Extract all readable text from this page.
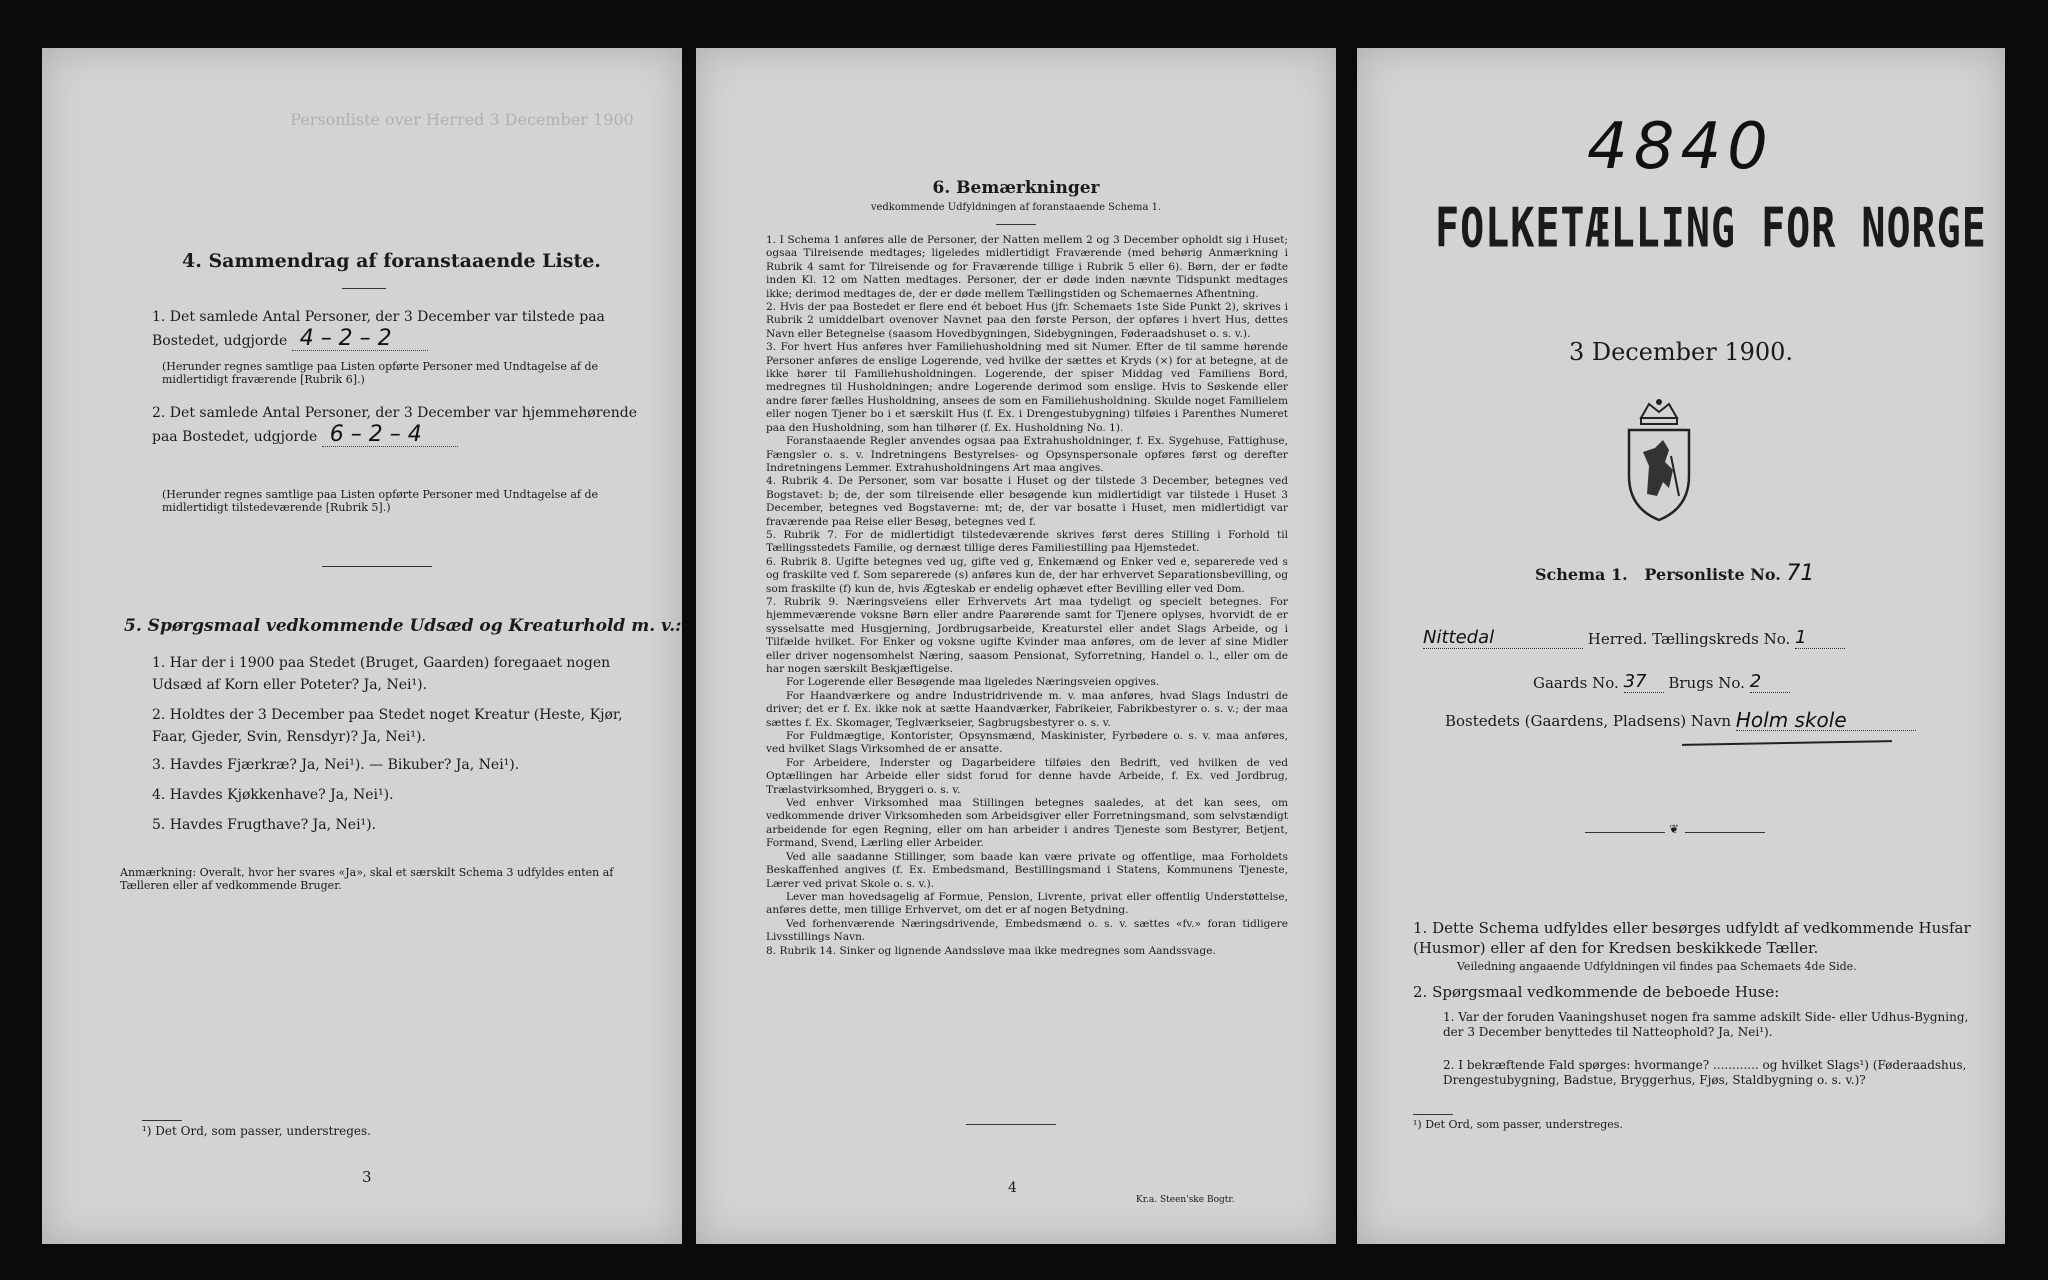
Personliste over Herred 3 December 1900
4. Sammendrag af foranstaaende Liste.
1. Det samlede Antal Personer, der 3 December var tilstede paa Bostedet, udgjorde 4 – 2 – 2
(Herunder regnes samtlige paa Listen opførte Personer med Undtagelse af de midlertidigt fraværende [Rubrik 6].)
2. Det samlede Antal Personer, der 3 December var hjemmehørende paa Bostedet, udgjorde 6 – 2 – 4
(Herunder regnes samtlige paa Listen opførte Personer med Undtagelse af de midlertidigt tilstedeværende [Rubrik 5].)
5. Spørgsmaal vedkommende Udsæd og Kreaturhold m. v.:
1. Har der i 1900 paa Stedet (Bruget, Gaarden) foregaaet nogen Udsæd af Korn eller Poteter? Ja, Nei¹).
2. Holdtes der 3 December paa Stedet noget Kreatur (Heste, Kjør, Faar, Gjeder, Svin, Rensdyr)? Ja, Nei¹).
3. Havdes Fjærkræ? Ja, Nei¹). — Bikuber? Ja, Nei¹).
4. Havdes Kjøkkenhave? Ja, Nei¹).
5. Havdes Frugthave? Ja, Nei¹).
Anmærkning: Overalt, hvor her svares «Ja», skal et særskilt Schema 3 udfyldes enten af Tælleren eller af vedkommende Bruger.
¹) Det Ord, som passer, understreges.
3
6. Bemærkninger
vedkommende Udfyldningen af foranstaaende Schema 1.
1. I Schema 1 anføres alle de Personer, der Natten mellem 2 og 3 December opholdt sig i Huset; ogsaa Tilreisende medtages; ligeledes midlertidigt Fraværende (med behørig Anmærkning i Rubrik 4 samt for Tilreisende og for Fraværende tillige i Rubrik 5 eller 6). Børn, der er fødte inden Kl. 12 om Natten medtages. Personer, der er døde inden nævnte Tidspunkt medtages ikke; derimod medtages de, der er døde mellem Tællingstiden og Schemaernes Afhentning.
2. Hvis der paa Bostedet er flere end ét beboet Hus (jfr. Schemaets 1ste Side Punkt 2), skrives i Rubrik 2 umiddelbart ovenover Navnet paa den første Person, der opføres i hvert Hus, dettes Navn eller Betegnelse (saasom Hovedbygningen, Sidebygningen, Føderaadshuset o. s. v.).
3. For hvert Hus anføres hver Familiehusholdning med sit Numer. Efter de til samme hørende Personer anføres de enslige Logerende, ved hvilke der sættes et Kryds (×) for at betegne, at de ikke hører til Familiehusholdningen. Logerende, der spiser Middag ved Familiens Bord, medregnes til Husholdningen; andre Logerende derimod som enslige. Hvis to Søskende eller andre fører fælles Husholdning, ansees de som en Familiehusholdning. Skulde noget Familielem eller nogen Tjener bo i et særskilt Hus (f. Ex. i Drengestubygning) tilføies i Parenthes Numeret paa den Husholdning, som han tilhører (f. Ex. Husholdning No. 1).
Foranstaaende Regler anvendes ogsaa paa Extrahusholdninger, f. Ex. Sygehuse, Fattighuse, Fængsler o. s. v. Indretningens Bestyrelses- og Opsynspersonale opføres først og derefter Indretningens Lemmer. Extrahusholdningens Art maa angives.
4. Rubrik 4. De Personer, som var bosatte i Huset og der tilstede 3 December, betegnes ved Bogstavet: b; de, der som tilreisende eller besøgende kun midlertidigt var tilstede i Huset 3 December, betegnes ved Bogstaverne: mt; de, der var bosatte i Huset, men midlertidigt var fraværende paa Reise eller Besøg, betegnes ved f.
5. Rubrik 7. For de midlertidigt tilstedeværende skrives først deres Stilling i Forhold til Tællingsstedets Familie, og dernæst tillige deres Familiestilling paa Hjemstedet.
6. Rubrik 8. Ugifte betegnes ved ug, gifte ved g, Enkemænd og Enker ved e, separerede ved s og fraskilte ved f. Som separerede (s) anføres kun de, der har erhvervet Separationsbevilling, og som fraskilte (f) kun de, hvis Ægteskab er endelig ophævet efter Bevilling eller ved Dom.
7. Rubrik 9. Næringsveiens eller Erhvervets Art maa tydeligt og specielt betegnes. For hjemmeværende voksne Børn eller andre Paarørende samt for Tjenere oplyses, hvorvidt de er sysselsatte med Husgjerning, Jordbrugsarbeide, Kreaturstel eller andet Slags Arbeide, og i Tilfælde hvilket. For Enker og voksne ugifte Kvinder maa anføres, om de lever af sine Midler eller driver nogensomhelst Næring, saasom Pensionat, Syforretning, Handel o. l., eller om de har nogen særskilt Beskjæftigelse.
For Logerende eller Besøgende maa ligeledes Næringsveien opgives.
For Haandværkere og andre Industridrivende m. v. maa anføres, hvad Slags Industri de driver; det er f. Ex. ikke nok at sætte Haandværker, Fabrikeier, Fabrikbestyrer o. s. v.; der maa sættes f. Ex. Skomager, Teglværkseier, Sagbrugsbestyrer o. s. v.
For Fuldmægtige, Kontorister, Opsynsmænd, Maskinister, Fyrbødere o. s. v. maa anføres, ved hvilket Slags Virksomhed de er ansatte.
For Arbeidere, Inderster og Dagarbeidere tilføies den Bedrift, ved hvilken de ved Optællingen har Arbeide eller sidst forud for denne havde Arbeide, f. Ex. ved Jordbrug, Trælastvirksomhed, Bryggeri o. s. v.
Ved enhver Virksomhed maa Stillingen betegnes saaledes, at det kan sees, om vedkommende driver Virksomheden som Arbeidsgiver eller Forretningsmand, som selvstændigt arbeidende for egen Regning, eller om han arbeider i andres Tjeneste som Bestyrer, Betjent, Formand, Svend, Lærling eller Arbeider.
Ved alle saadanne Stillinger, som baade kan være private og offentlige, maa Forholdets Beskaffenhed angives (f. Ex. Embedsmand, Bestillingsmand i Statens, Kommunens Tjeneste, Lærer ved privat Skole o. s. v.).
Lever man hovedsagelig af Formue, Pension, Livrente, privat eller offentlig Understøttelse, anføres dette, men tillige Erhvervet, om det er af nogen Betydning.
Ved forhenværende Næringsdrivende, Embedsmænd o. s. v. sættes «fv.» foran tidligere Livsstillings Navn.
8. Rubrik 14. Sinker og lignende Aandssløve maa ikke medregnes som Aandssvage.
4
Kr.a. Steen'ske Bogtr.
4840
FOLKETÆLLING FOR NORGE
3 December 1900.
Schema 1. Personliste No. 71
Nittedal	Herred. Tællingskreds No. 1
Gaards No. 37 Brugs No. 2
Bostedets (Gaardens, Pladsens) Navn Holm skole
❦
1. Dette Schema udfyldes eller besørges udfyldt af vedkommende Husfar (Husmor) eller af den for Kredsen beskikkede Tæller.
Veiledning angaaende Udfyldningen vil findes paa Schemaets 4de Side.
2. Spørgsmaal vedkommende de beboede Huse:
1. Var der foruden Vaaningshuset nogen fra samme adskilt Side- eller Udhus-Bygning, der 3 December benyttedes til Natteophold? Ja, Nei¹).
2. I bekræftende Fald spørges: hvormange? ............ og hvilket Slags¹) (Føderaadshus, Drengestubygning, Badstue, Bryggerhus, Fjøs, Staldbygning o. s. v.)?
¹) Det Ord, som passer, understreges.
